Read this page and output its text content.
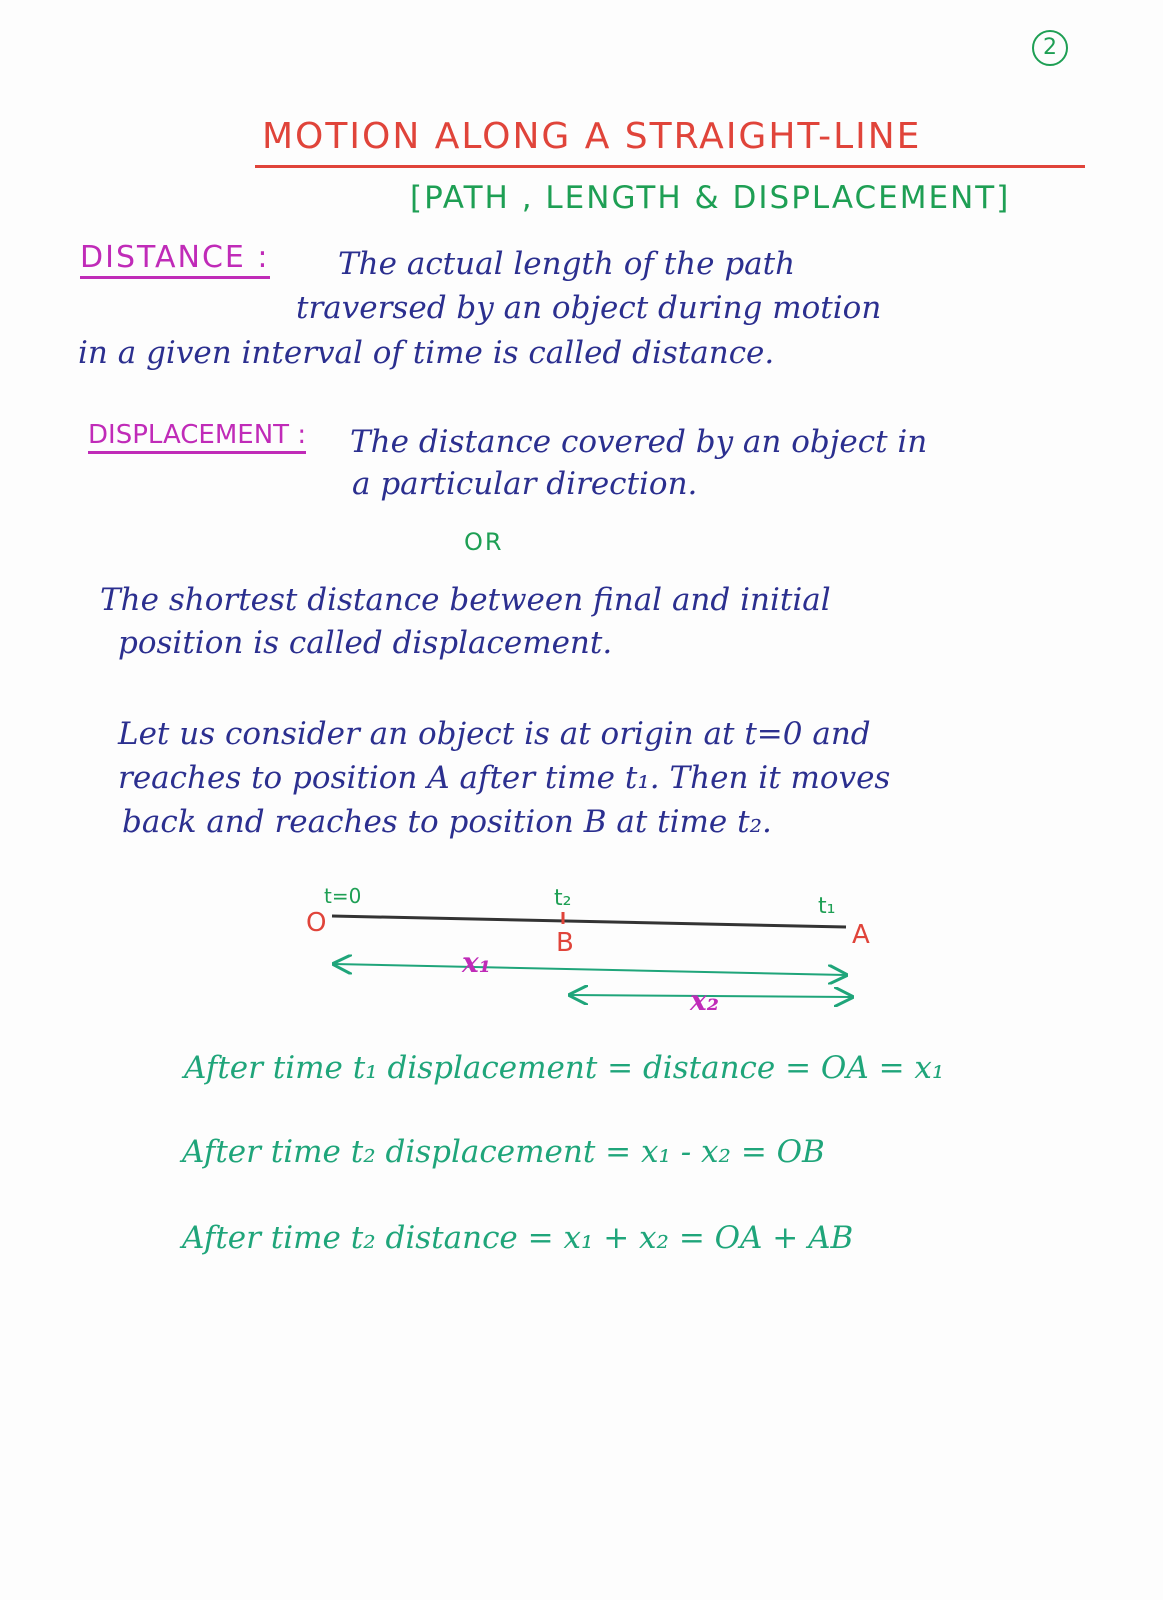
2
MOTION ALONG A STRAIGHT-LINE
[PATH , LENGTH & DISPLACEMENT]
DISTANCE : The actual length of the path
traversed by an object during motion
in a given interval of time is called distance.
DISPLACEMENT : The distance covered by an object in
a particular direction.
OR
The shortest distance between final and initial
position is called displacement.
Let us consider an object is at origin at t=0 and
reaches to position A after time t₁. Then it moves
back and reaches to position B at time t₂.
O	A
B
t=0	t₁
t₂
x₁
x₂
After time t₁ displacement = distance = OA = x₁
After time t₂ displacement = x₁ - x₂ = OB
After time t₂ distance = x₁ + x₂ = OA + AB
